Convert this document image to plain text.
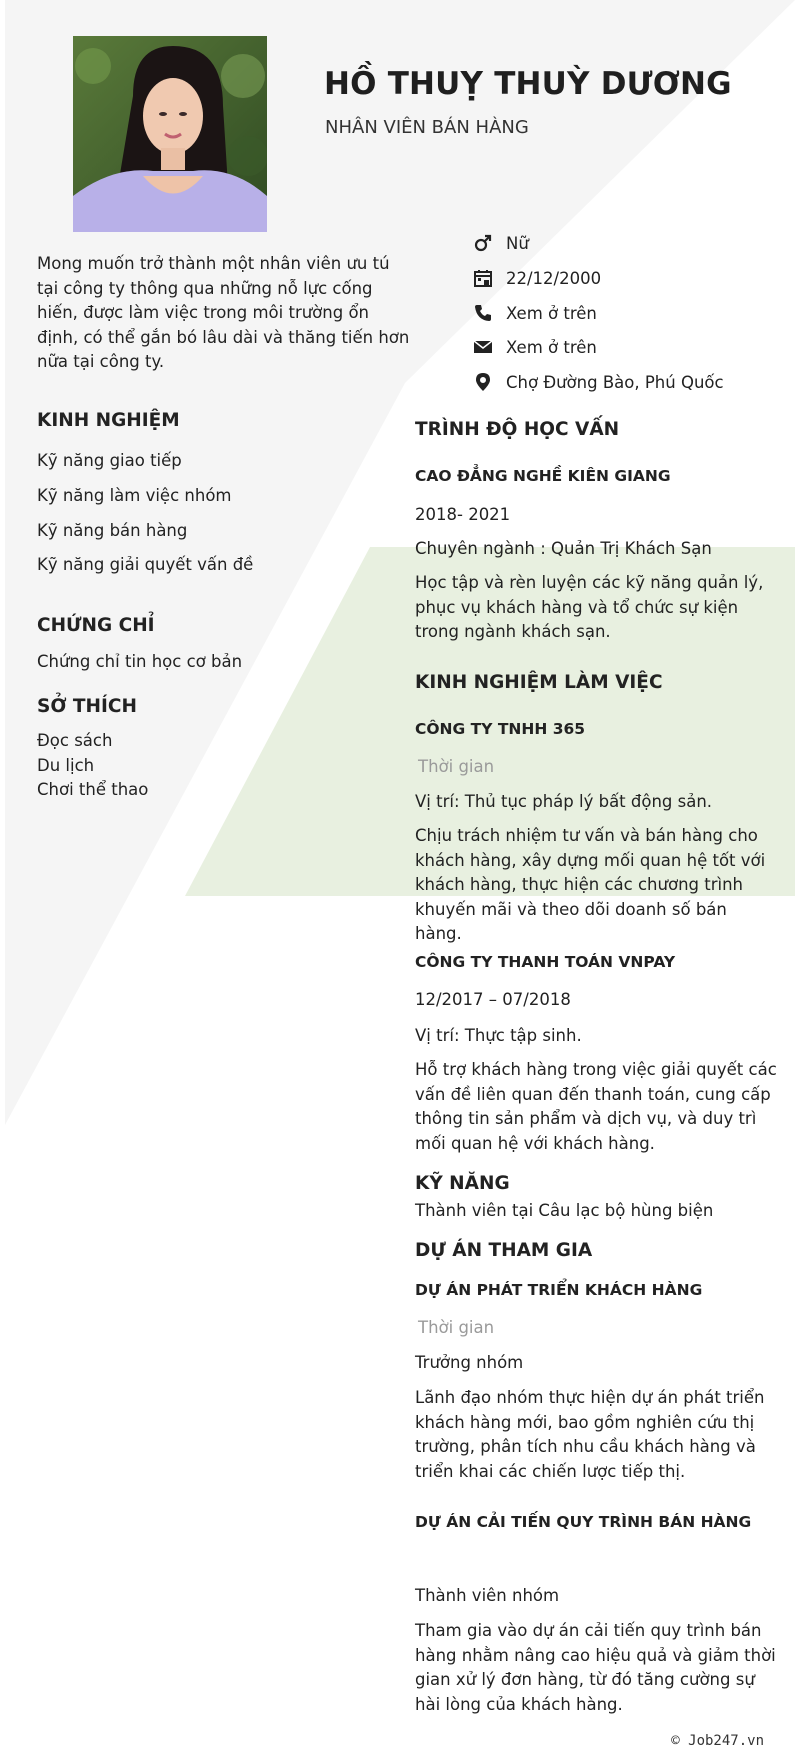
HỒ THUỴ THUỲ DƯƠNG
NHÂN VIÊN BÁN HÀNG
Mong muốn trở thành một nhân viên ưu tú tại công ty thông qua những nỗ lực cống hiến, được làm việc trong môi trường ổn định, có thể gắn bó lâu dài và thăng tiến hơn nữa tại công ty.
Nữ
22/12/2000
Xem ở trên
Xem ở trên
Chợ Đường Bào, Phú Quốc
KINH NGHIỆM
Kỹ năng giao tiếp
Kỹ năng làm việc nhóm
Kỹ năng bán hàng
Kỹ năng giải quyết vấn đề
CHỨNG CHỈ
Chứng chỉ tin học cơ bản
SỞ THÍCH
Đọc sách
Du lịch
Chơi thể thao
TRÌNH ĐỘ HỌC VẤN
CAO ĐẲNG NGHỀ KIÊN GIANG
2018- 2021
Chuyên ngành : Quản Trị Khách Sạn
Học tập và rèn luyện các kỹ năng quản lý, phục vụ khách hàng và tổ chức sự kiện trong ngành khách sạn.
KINH NGHIỆM LÀM VIỆC
CÔNG TY TNHH 365
Thời gian
Vị trí: Thủ tục pháp lý bất động sản.
Chịu trách nhiệm tư vấn và bán hàng cho khách hàng, xây dựng mối quan hệ tốt với khách hàng, thực hiện các chương trình khuyến mãi và theo dõi doanh số bán hàng.
CÔNG TY THANH TOÁN VNPAY
12/2017 – 07/2018
Vị trí: Thực tập sinh.
Hỗ trợ khách hàng trong việc giải quyết các vấn đề liên quan đến thanh toán, cung cấp thông tin sản phẩm và dịch vụ, và duy trì mối quan hệ với khách hàng.
KỸ NĂNG
Thành viên tại Câu lạc bộ hùng biện
DỰ ÁN THAM GIA
DỰ ÁN PHÁT TRIỂN KHÁCH HÀNG
Thời gian
Trưởng nhóm
Lãnh đạo nhóm thực hiện dự án phát triển khách hàng mới, bao gồm nghiên cứu thị trường, phân tích nhu cầu khách hàng và triển khai các chiến lược tiếp thị.
DỰ ÁN CẢI TIẾN QUY TRÌNH BÁN HÀNG
Thành viên nhóm
Tham gia vào dự án cải tiến quy trình bán hàng nhằm nâng cao hiệu quả và giảm thời gian xử lý đơn hàng, từ đó tăng cường sự hài lòng của khách hàng.
© Job247.vn
